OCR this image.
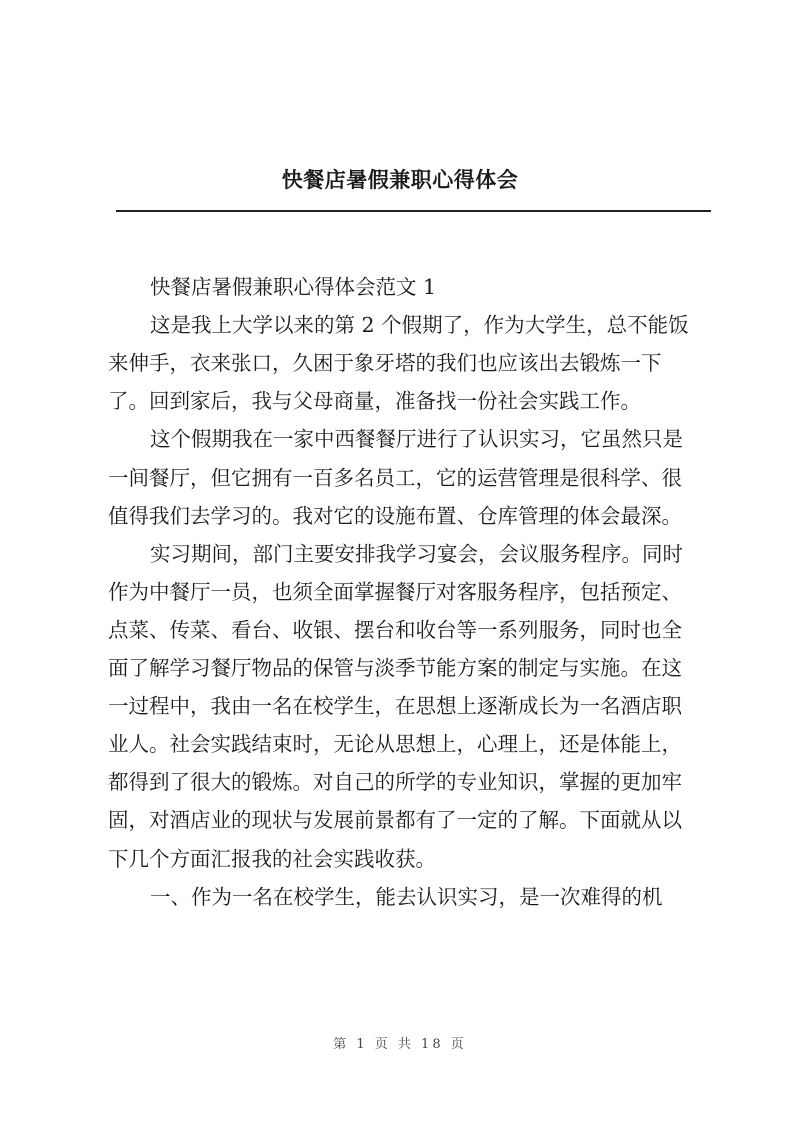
快餐店暑假兼职心得体会
快餐店暑假兼职心得体会范文 1
这是我上大学以来的第 2 个假期了，作为大学生，总不能饭
来伸手，衣来张口，久困于象牙塔的我们也应该出去锻炼一下
了。回到家后，我与父母商量，准备找一份社会实践工作。
这个假期我在一家中西餐餐厅进行了认识实习，它虽然只是
一间餐厅，但它拥有一百多名员工，它的运营管理是很科学、很
值得我们去学习的。我对它的设施布置、仓库管理的体会最深。
实习期间，部门主要安排我学习宴会，会议服务程序。同时
作为中餐厅一员，也须全面掌握餐厅对客服务程序，包括预定、
点菜、传菜、看台、收银、摆台和收台等一系列服务，同时也全
面了解学习餐厅物品的保管与淡季节能方案的制定与实施。在这
一过程中，我由一名在校学生，在思想上逐渐成长为一名酒店职
业人。社会实践结束时，无论从思想上，心理上，还是体能上，
都得到了很大的锻炼。对自己的所学的专业知识，掌握的更加牢
固，对酒店业的现状与发展前景都有了一定的了解。下面就从以
下几个方面汇报我的社会实践收获。
一、作为一名在校学生，能去认识实习，是一次难得的机
第 1 页 共 18 页
